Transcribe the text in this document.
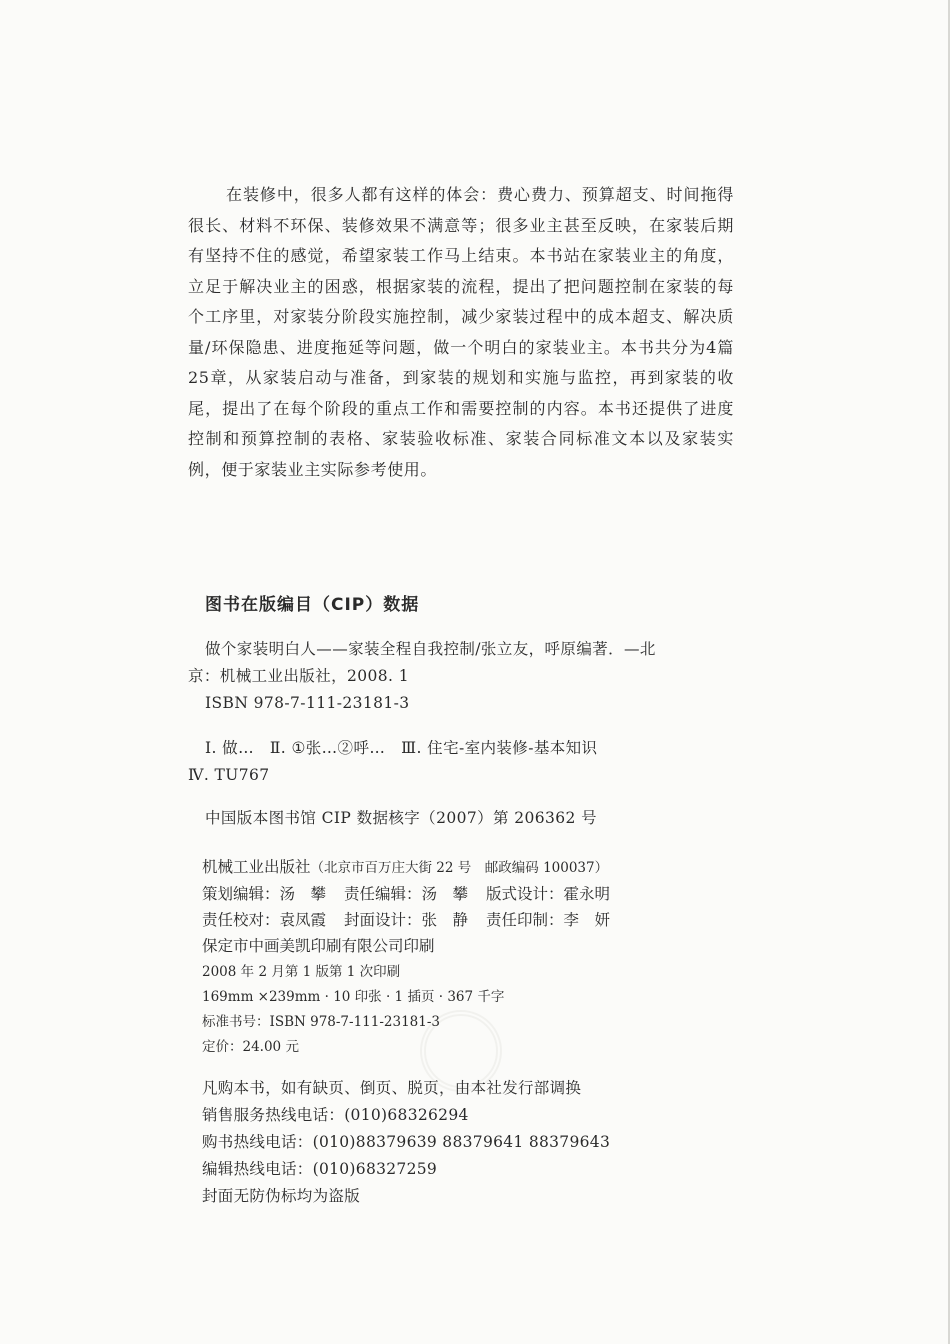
在装修中，很多人都有这样的体会：费心费力、预算超支、时间拖得很长、材料不环保、装修效果不满意等；很多业主甚至反映，在家装后期有坚持不住的感觉，希望家装工作马上结束。本书站在家装业主的角度，立足于解决业主的困惑，根据家装的流程，提出了把问题控制在家装的每个工序里，对家装分阶段实施控制，减少家装过程中的成本超支、解决质量/环保隐患、进度拖延等问题，做一个明白的家装业主。本书共分为4篇25章，从家装启动与准备，到家装的规划和实施与监控，再到家装的收尾，提出了在每个阶段的重点工作和需要控制的内容。本书还提供了进度控制和预算控制的表格、家装验收标准、家装合同标准文本以及家装实例，便于家装业主实际参考使用。

图书在版编目（CIP）数据

做个家装明白人——家装全程自我控制/张立友，呼原编著．—北

京：机械工业出版社，2008. 1

ISBN 978-7-111-23181-3

Ⅰ. 做…　Ⅱ. ①张…②呼…　Ⅲ. 住宅-室内装修-基本知识

Ⅳ. TU767

中国版本图书馆 CIP 数据核字（2007）第 206362 号

机械工业出版社（北京市百万庄大街 22 号　邮政编码 100037）
策划编辑：汤　攀 责任编辑：汤　攀 版式设计：霍永明
责任校对：袁凤霞 封面设计：张　静 责任印制：李　妍
保定市中画美凯印刷有限公司印刷
2008 年 2 月第 1 版第 1 次印刷
169mm ×239mm · 10 印张 · 1 插页 · 367 千字
标准书号：ISBN 978-7-111-23181-3
定价：24.00 元
凡购本书，如有缺页、倒页、脱页，由本社发行部调换
销售服务热线电话：(010)68326294
购书热线电话：(010)88379639 88379641 88379643
编辑热线电话：(010)68327259
封面无防伪标均为盗版
